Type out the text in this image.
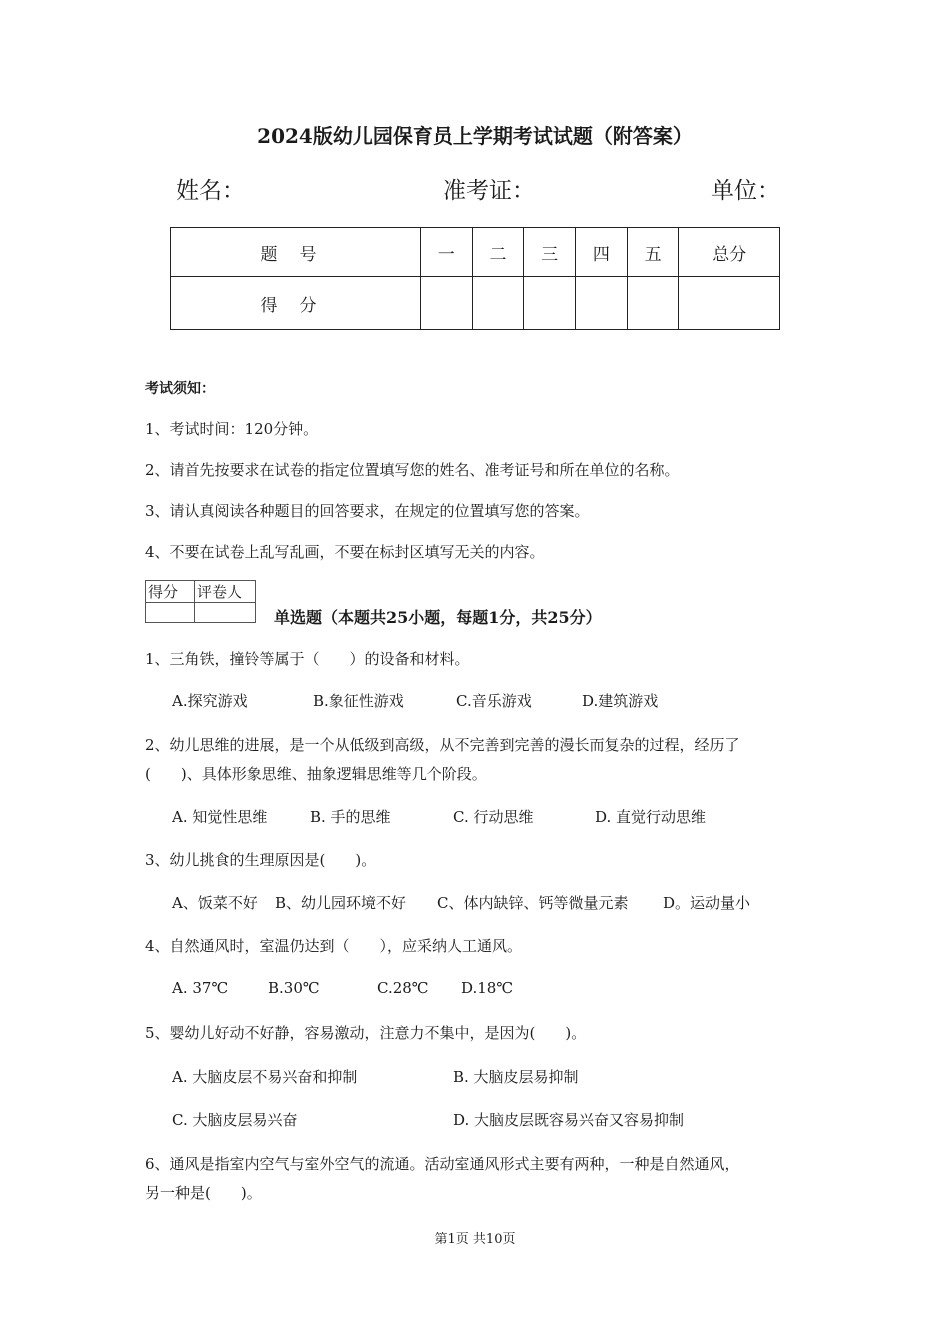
2024版幼儿园保育员上学期考试试题（附答案）
姓名：	准考证：	单位：
题号	一	二	三	四	五	总分
得分						
考试须知：
1、考试时间：120分钟。
2、请首先按要求在试卷的指定位置填写您的姓名、准考证号和所在单位的名称。
3、请认真阅读各种题目的回答要求，在规定的位置填写您的答案。
4、不要在试卷上乱写乱画，不要在标封区填写无关的内容。
得分	评卷人

单选题（本题共25小题，每题1分，共25分）
1、三角铁，撞铃等属于（　　）的设备和材料。
A.探究游戏	B.象征性游戏	C.音乐游戏	D.建筑游戏
2、幼儿思维的进展，是一个从低级到高级，从不完善到完善的漫长而复杂的过程，经历了
(　　)、具体形象思维、抽象逻辑思维等几个阶段。
A. 知觉性思维	B. 手的思维	C. 行动思维	D. 直觉行动思维
3、幼儿挑食的生理原因是(　　)。
A、饭菜不好 B、幼儿园环境不好 C、体内缺锌、钙等微量元素 D。运动量小
4、自然通风时，室温仍达到（　　），应采纳人工通风。
A. 37℃	B.30℃	C.28℃ D.18℃
5、婴幼儿好动不好静，容易激动，注意力不集中，是因为(　　)。
A. 大脑皮层不易兴奋和抑制	B. 大脑皮层易抑制
C. 大脑皮层易兴奋	D. 大脑皮层既容易兴奋又容易抑制
6、通风是指室内空气与室外空气的流通。活动室通风形式主要有两种，一种是自然通风，
另一种是(　　)。
第1页 共10页
